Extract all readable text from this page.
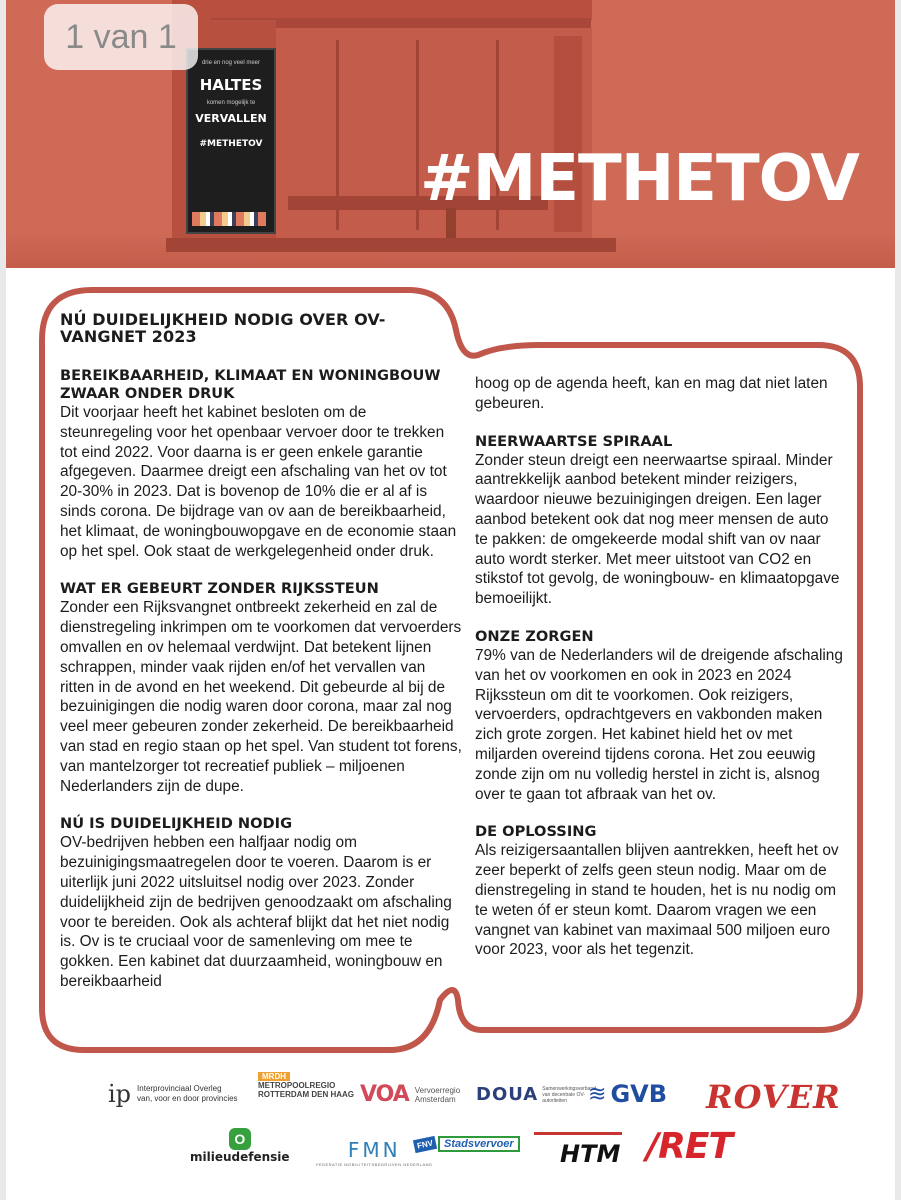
drie en nog veel meer
HALTES
komen mogelijk te
VERVALLEN
#METHETOV #METHETOV
1 van 1
NÚ DUIDELIJKHEID NODIG OVER OV-VANGNET 2023
BEREIKBAARHEID, KLIMAAT EN WONINGBOUW ZWAAR ONDER DRUK
Dit voorjaar heeft het kabinet besloten om de steunregeling voor het openbaar vervoer door te trekken tot eind 2022. Voor daarna is er geen enkele garantie afgegeven. Daarmee dreigt een afschaling van het ov tot 20-30% in 2023. Dat is bovenop de 10% die er al af is sinds corona. De bijdrage van ov aan de bereikbaarheid, het klimaat, de woningbouwopgave en de economie staan op het spel. Ook staat de werkgelegenheid onder druk.
WAT ER GEBEURT ZONDER RIJKSSTEUN
Zonder een Rijksvangnet ontbreekt zekerheid en zal de dienstregeling inkrimpen om te voorkomen dat vervoerders omvallen en ov helemaal verdwijnt. Dat betekent lijnen schrappen, minder vaak rijden en/of het vervallen van ritten in de avond en het weekend. Dit gebeurde al bij de bezuinigingen die nodig waren door corona, maar zal nog veel meer gebeuren zonder zekerheid. De bereikbaarheid van stad en regio staan op het spel. Van student tot forens, van mantelzorger tot recreatief publiek – miljoenen Nederlanders zijn de dupe.
NÚ IS DUIDELIJKHEID NODIG
OV-bedrijven hebben een halfjaar nodig om bezuinigingsmaatregelen door te voeren. Daarom is er uiterlijk juni 2022 uitsluitsel nodig over 2023. Zonder duidelijkheid zijn de bedrijven genoodzaakt om afschaling voor te bereiden. Ook als achteraf blijkt dat het niet nodig is. Ov is te cruciaal voor de samenleving om mee te gokken. Een kabinet dat duurzaamheid, woningbouw en bereikbaarheid
hoog op de agenda heeft, kan en mag dat niet laten gebeuren.
NEERWAARTSE SPIRAAL
Zonder steun dreigt een neerwaartse spiraal. Minder aantrekkelijk aanbod betekent minder reizigers, waardoor nieuwe bezuinigingen dreigen. Een lager aanbod betekent ook dat nog meer mensen de auto te pakken: de omgekeerde modal shift van ov naar auto wordt sterker. Met meer uitstoot van CO2 en stikstof tot gevolg, de woningbouw- en klimaatopgave bemoeilijkt.
ONZE ZORGEN
79% van de Nederlanders wil de dreigende afschaling van het ov voorkomen en ook in 2023 en 2024 Rijkssteun om dit te voorkomen. Ook reizigers, vervoerders, opdrachtgevers en vakbonden maken zich grote zorgen. Het kabinet hield het ov met miljarden overeind tijdens corona. Het zou eeuwig zonde zijn om nu volledig herstel in zicht is, alsnog over te gaan tot afbraak van het ov.
DE OPLOSSING
Als reizigersaantallen blijven aantrekken, heeft het ov zeer beperkt of zelfs geen steun nodig. Maar om de dienstregeling in stand te houden, het is nu nodig om te weten óf er steun komt. Daarom vragen we een vangnet van kabinet van maximaal 500 miljoen euro voor 2023, voor als het tegenzit.
ip Interprovinciaal Overleg
van, voor en door provincies
MRDH
METROPOOLREGIO
ROTTERDAM DEN HAAG VOA Vervoerregio
Amsterdam DOUA Samenwerkingsverband van decentrale OV-autoriteiten ≋ GVB ROVER
O
milieudefensie	FMN
FEDERATIE MOBILITEITSBEDRIJVEN NEDERLAND
FNV Stadsvervoer HTM /RET
